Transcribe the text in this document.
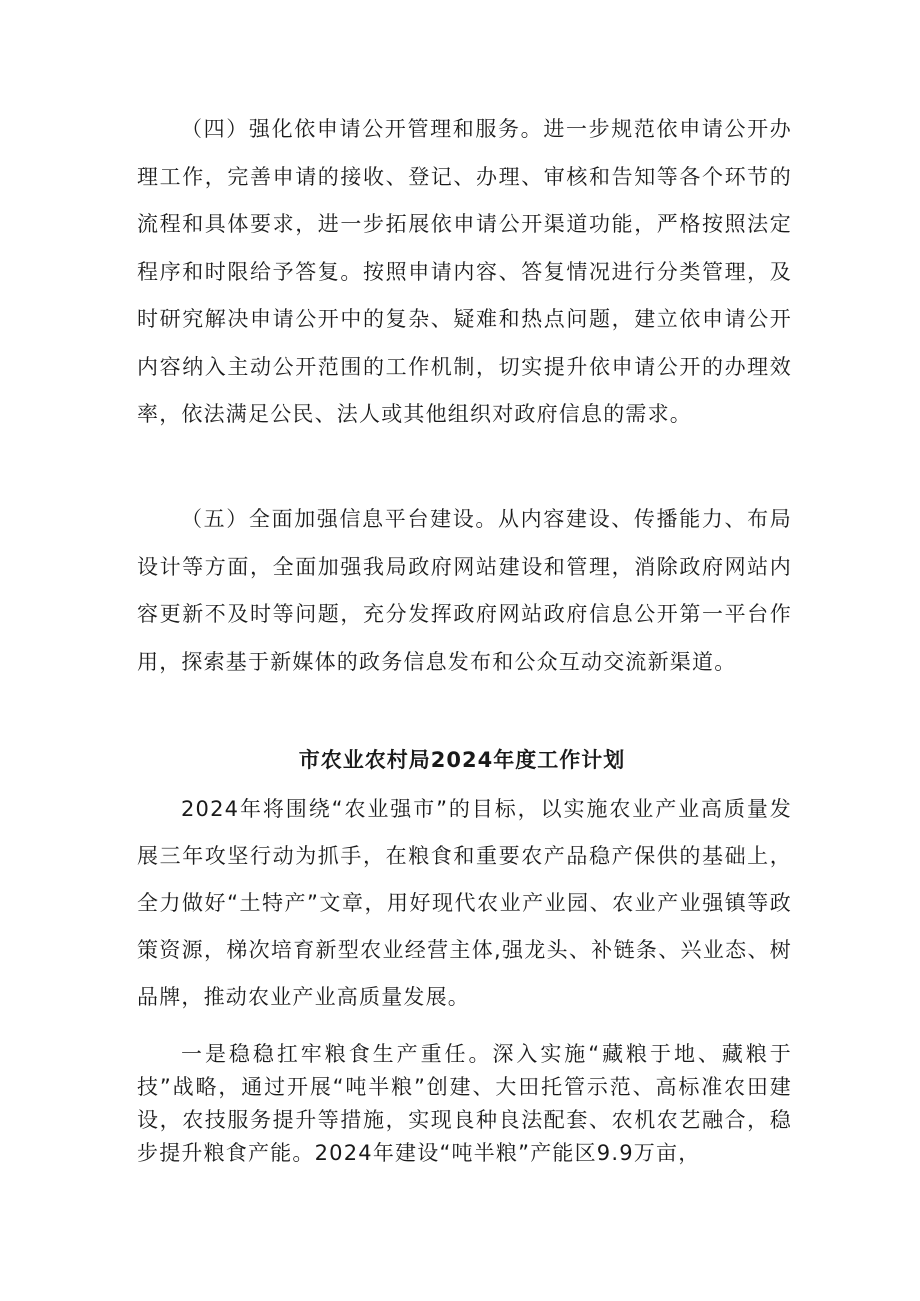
（四）强化依申请公开管理和服务。进一步规范依申请公开办理工作，完善申请的接收、登记、办理、审核和告知等各个环节的流程和具体要求，进一步拓展依申请公开渠道功能，严格按照法定程序和时限给予答复。按照申请内容、答复情况进行分类管理，及时研究解决申请公开中的复杂、疑难和热点问题，建立依申请公开内容纳入主动公开范围的工作机制，切实提升依申请公开的办理效率，依法满足公民、法人或其他组织对政府信息的需求。

（五）全面加强信息平台建设。从内容建设、传播能力、布局设计等方面，全面加强我局政府网站建设和管理，消除政府网站内容更新不及时等问题，充分发挥政府网站政府信息公开第一平台作用，探索基于新媒体的政务信息发布和公众互动交流新渠道。

市农业农村局2024年度工作计划

2024年将围绕“农业强市”的目标，以实施农业产业高质量发展三年攻坚行动为抓手，在粮食和重要农产品稳产保供的基础上，全力做好“土特产”文章，用好现代农业产业园、农业产业强镇等政策资源，梯次培育新型农业经营主体,强龙头、补链条、兴业态、树品牌，推动农业产业高质量发展。

一是稳稳扛牢粮食生产重任。深入实施“藏粮于地、藏粮于技”战略，通过开展“吨半粮”创建、大田托管示范、高标准农田建设，农技服务提升等措施，实现良种良法配套、农机农艺融合，稳步提升粮食产能。2024年建设“吨半粮”产能区9.9万亩，
